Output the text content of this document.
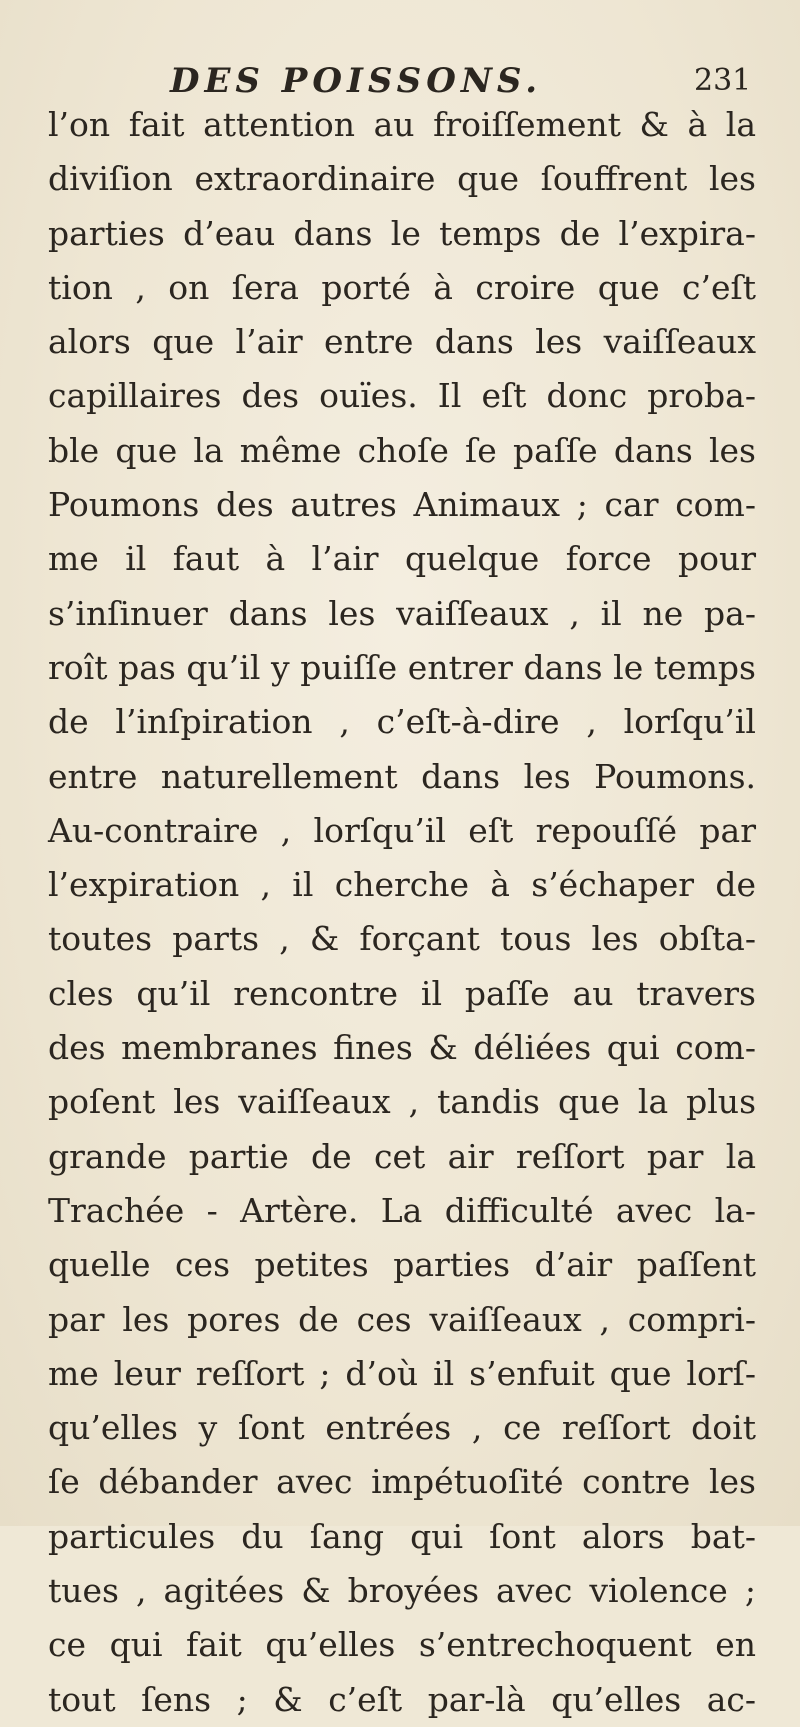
DES POISSONS.	231
l’on fait attention au froiſſement & à la
diviſion extraordinaire que ſouffrent les
parties d’eau dans le temps de l’expira-
tion , on ſera porté à croire que c’eſt
alors que l’air entre dans les vaiſſeaux
capillaires des ouïes. Il eſt donc proba-
ble que la même choſe ſe paſſe dans les
Poumons des autres Animaux ; car com-
me il faut à l’air quelque force pour
s’inſinuer dans les vaiſſeaux , il ne pa-
roît pas qu’il y puiſſe entrer dans le temps
de l’inſpiration , c’eſt-à-dire , lorſqu’il
entre naturellement dans les Poumons.
Au-contraire , lorſqu’il eſt repouſſé par
l’expiration , il cherche à s’échaper de
toutes parts , & forçant tous les obſta-
cles qu’il rencontre il paſſe au travers
des membranes fines & déliées qui com-
poſent les vaiſſeaux , tandis que la plus
grande partie de cet air reſſort par la
Trachée - Artère. La difficulté avec la-
quelle ces petites parties d’air paſſent
par les pores de ces vaiſſeaux , compri-
me leur reſſort ; d’où il s’enfuit que lorſ-
qu’elles y ſont entrées , ce reſſort doit
ſe débander avec impétuoſité contre les
particules du ſang qui ſont alors bat-
tues , agitées & broyées avec violence ;
ce qui fait qu’elles s’entrechoquent en
tout ſens ; & c’eſt par-là qu’elles ac-
